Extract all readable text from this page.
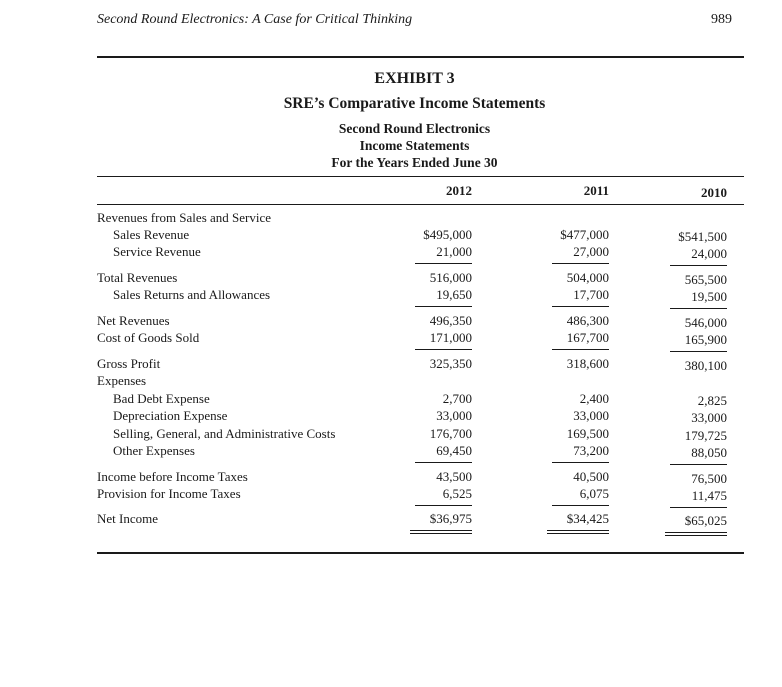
Second Round Electronics: A Case for Critical Thinking	989
EXHIBIT 3
SRE’s Comparative Income Statements
Second Round Electronics
Income Statements
For the Years Ended June 30
2012	2011	2010
Revenues from Sales and Service
Sales Revenue	$495,000	$477,000	$541,500
Service Revenue	21,000	27,000	24,000
Total Revenues	516,000	504,000	565,500
Sales Returns and Allowances	19,650	17,700	19,500
Net Revenues	496,350	486,300	546,000
Cost of Goods Sold	171,000	167,700	165,900
Gross Profit	325,350	318,600	380,100
Expenses
Bad Debt Expense	2,700	2,400	2,825
Depreciation Expense	33,000	33,000	33,000
Selling, General, and Administrative Costs	176,700	169,500	179,725
Other Expenses	69,450	73,200	88,050
Income before Income Taxes	43,500	40,500	76,500
Provision for Income Taxes	6,525	6,075	11,475
Net Income	$36,975	$34,425	$65,025
